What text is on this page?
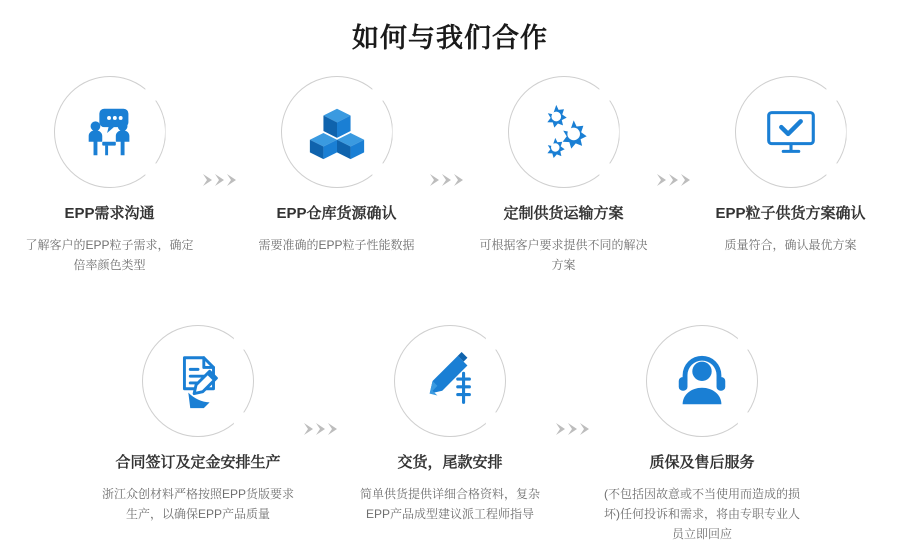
如何与我们合作
EPP需求沟通
了解客户的EPP粒子需求，确定倍率颜色类型
EPP仓库货源确认
需要准确的EPP粒子性能数据
定制供货运输方案
可根据客户要求提供不同的解决方案
EPP粒子供货方案确认
质量符合，确认最优方案
合同签订及定金安排生产
浙江众创材料严格按照EPP货版要求生产，以确保EPP产品质量
交货，尾款安排
简单供货提供详细合格资料，复杂EPP产品成型建议派工程师指导
质保及售后服务
(不包括因故意或不当使用而造成的损坏)任何投诉和需求，将由专职专业人员立即回应
